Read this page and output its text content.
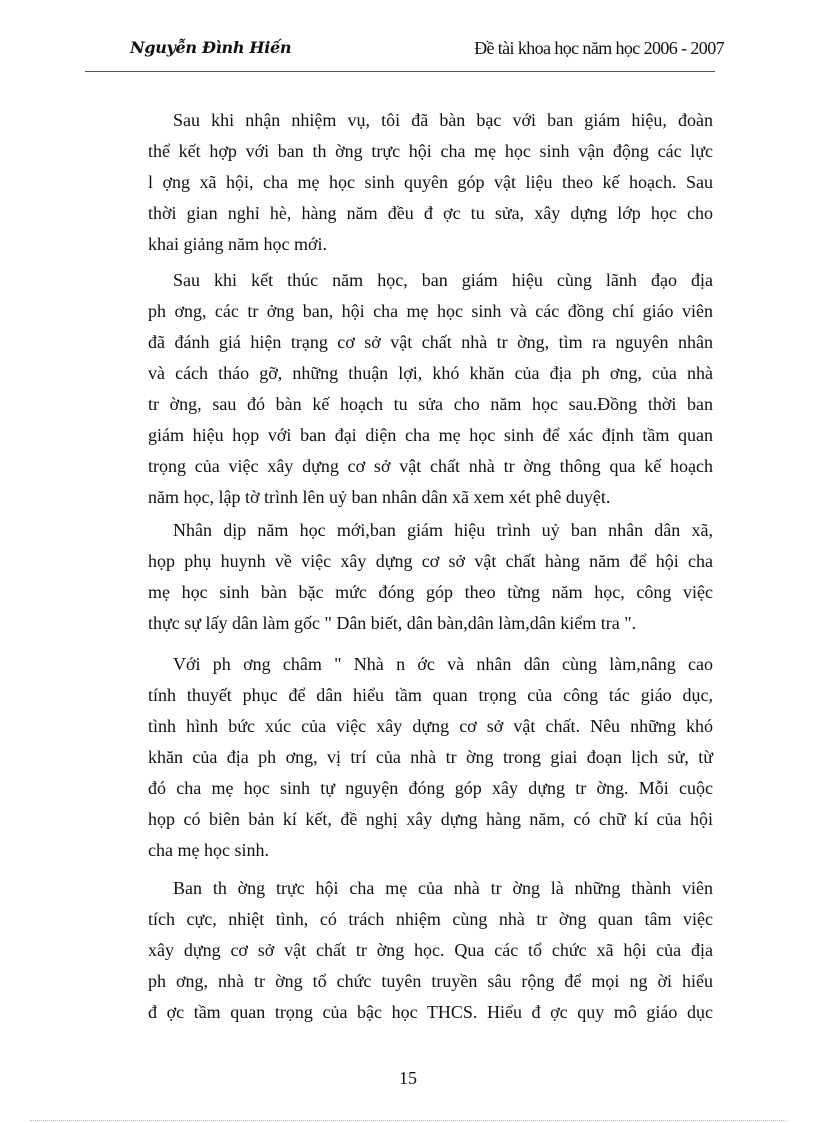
Nguyễn Đình Hiến	Đề tài khoa học năm học 2006 - 2007
Sau khi nhận nhiệm vụ, tôi đã bàn bạc với ban giám hiệu, đoàn
thể kết hợp với ban th ờng trực hội cha mẹ học sinh vận động các lực
l ợng xã hội, cha mẹ học sinh quyên góp vật liệu theo kế hoạch. Sau
thời gian nghỉ hè, hàng năm đều đ ợc tu sửa, xây dựng lớp học cho
khai giảng năm học mới.
Sau khi kết thúc năm học, ban giám hiệu cùng lãnh đạo địa
ph ơng, các tr ởng ban, hội cha mẹ học sinh và các đồng chí giáo viên
đã đánh giá hiện trạng cơ sở vật chất nhà tr ờng, tìm ra nguyên nhân
và cách tháo gỡ, những thuận lợi, khó khăn của địa ph ơng, của nhà
tr ờng, sau đó bàn kế hoạch tu sửa cho năm học sau.Đồng thời ban
giám hiệu họp với ban đại diện cha mẹ học sinh để xác định tầm quan
trọng của việc xây dựng cơ sở vật chất nhà tr ờng thông qua kế hoạch
năm học, lập tờ trình lên uỷ ban nhân dân xã xem xét phê duyệt.
Nhân dịp năm học mới,ban giám hiệu trình uỷ ban nhân dân xã,
họp phụ huynh về việc xây dựng cơ sở vật chất hàng năm để hội cha
mẹ học sinh bàn bặc mức đóng góp theo từng năm học, công việc
thực sự lấy dân làm gốc " Dân biết, dân bàn,dân làm,dân kiểm tra ".
Với ph ơng châm " Nhà n ớc và nhân dân cùng làm,nâng cao
tính thuyết phục để dân hiểu tầm quan trọng của công tác giáo dục,
tình hình bức xúc của việc xây dựng cơ sở vật chất. Nêu những khó
khăn của địa ph ơng, vị trí của nhà tr ờng trong giai đoạn lịch sử, từ
đó cha mẹ học sinh tự nguyện đóng góp xây dựng tr ờng. Mỗi cuộc
họp có biên bản kí kết, đề nghị xây dựng hàng năm, có chữ kí của hội
cha mẹ học sinh.
Ban th ờng trực hội cha mẹ của nhà tr ờng là những thành viên
tích cực, nhiệt tình, có trách nhiệm cùng nhà tr ờng quan tâm việc
xây dựng cơ sở vật chất tr ờng học. Qua các tổ chức xã hội của địa
ph ơng, nhà tr ờng tổ chức tuyên truyền sâu rộng để mọi ng ời hiểu
đ ợc tầm quan trọng của bậc học THCS. Hiểu đ ợc quy mô giáo dục
15
